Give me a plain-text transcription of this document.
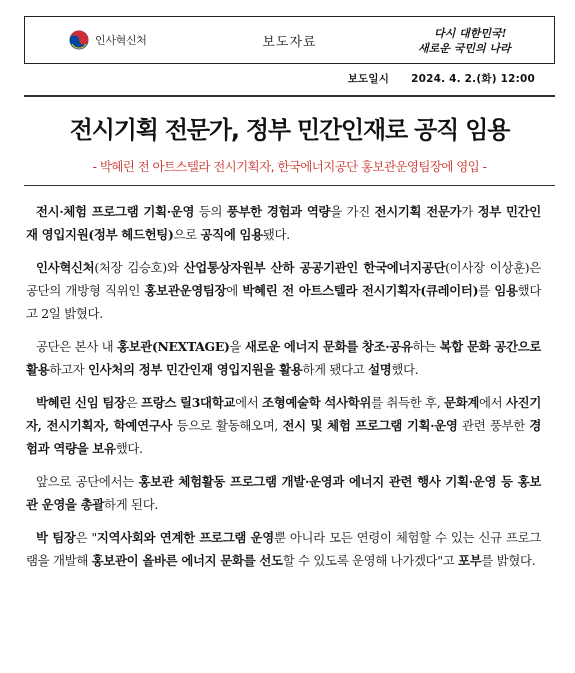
인사혁신처	보도자료
다시 대한민국!
새로운 국민의 나라
보도일시 2024. 4. 2.(화) 12:00
전시기획 전문가, 정부 민간인재로 공직 임용
- 박혜린 전 아트스텔라 전시기획자, 한국에너지공단 홍보관운영팀장에 영입 -

전시·체험 프로그램 기획·운영 등의 풍부한 경험과 역량을 가진 전시기획 전문가가 정부 민간인재 영입지원(정부 헤드헌팅)으로 공직에 임용됐다.

인사혁신처(처장 김승호)와 산업통상자원부 산하 공공기관인 한국에너지공단(이사장 이상훈)은 공단의 개방형 직위인 홍보관운영팀장에 박혜린 전 아트스텔라 전시기획자(큐레이터)를 임용했다고 2일 밝혔다.

공단은 본사 내 홍보관(NEXTAGE)을 새로운 에너지 문화를 창조·공유하는 복합 문화 공간으로 활용하고자 인사처의 정부 민간인재 영입지원을 활용하게 됐다고 설명했다.

박혜린 신임 팀장은 프랑스 릴3대학교에서 조형예술학 석사학위를 취득한 후, 문화계에서 사진기자, 전시기획자, 학예연구사 등으로 활동해오며, 전시 및 체험 프로그램 기획·운영 관련 풍부한 경험과 역량을 보유했다.

앞으로 공단에서는 홍보관 체험활동 프로그램 개발·운영과 에너지 관련 행사 기획·운영 등 홍보관 운영을 총괄하게 된다.

박 팀장은 "지역사회와 연계한 프로그램 운영뿐 아니라 모든 연령이 체험할 수 있는 신규 프로그램을 개발해 홍보관이 올바른 에너지 문화를 선도할 수 있도록 운영해 나가겠다"고 포부를 밝혔다.
